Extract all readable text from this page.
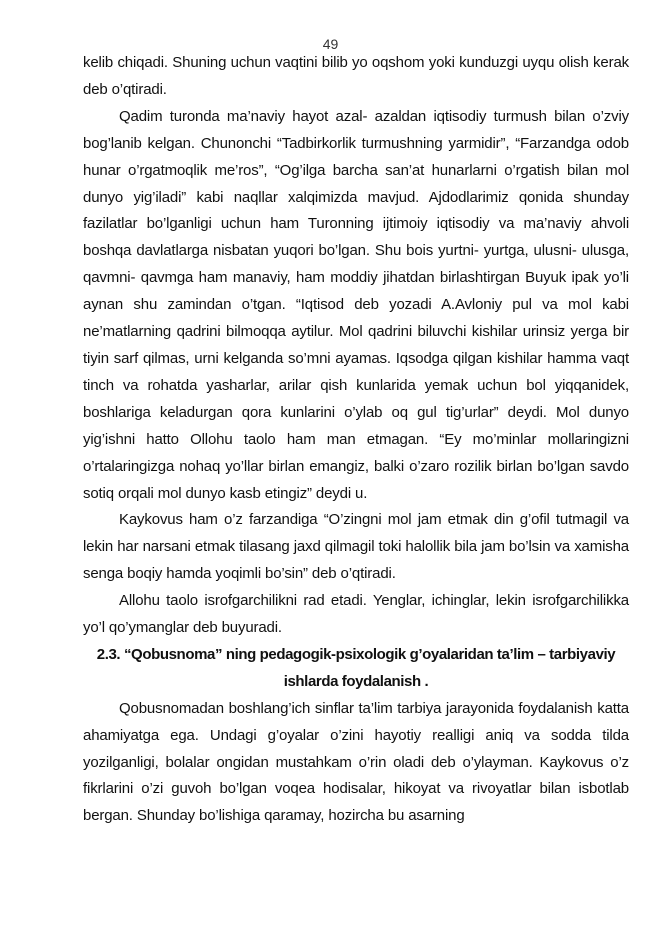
49

kelib chiqadi. Shuning uchun vaqtini bilib yo oqshom yoki kunduzgi uyqu olish kerak deb o’qtiradi.

Qadim turonda ma’naviy hayot azal- azaldan iqtisodiy turmush bilan o’zviy bog’lanib kelgan. Chunonchi “Tadbirkorlik turmushning yarmidir”, “Farzandga odob hunar o’rgatmoqlik me’ros”, “Og’ilga barcha san’at hunarlarni o’rgatish bilan mol dunyo yig’iladi” kabi naqllar xalqimizda mavjud. Ajdodlarimiz qonida shunday fazilatlar bo’lganligi uchun ham Turonning ijtimoiy iqtisodiy va ma’naviy ahvoli boshqa davlatlarga nisbatan yuqori bo’lgan. Shu bois yurtni- yurtga, ulusni- ulusga, qavmni- qavmga ham manaviy, ham moddiy jihatdan birlashtirgan Buyuk ipak yo’li aynan shu zamindan o’tgan. “Iqtisod deb yozadi A.Avloniy pul va mol kabi ne’matlarning qadrini bilmoqqa aytilur. Mol qadrini biluvchi kishilar urinsiz yerga bir tiyin sarf qilmas, urni kelganda so’mni ayamas. Iqsodga qilgan kishilar hamma vaqt tinch va rohatda yasharlar, arilar qish kunlarida yemak uchun bol yiqqanidek, boshlariga keladurgan qora kunlarini o’ylab oq gul tig’urlar” deydi. Mol dunyo yig’ishni hatto Ollohu taolo ham man etmagan. “Ey mo’minlar mollaringizni o’rtalaringizga nohaq yo’llar birlan emangiz, balki o’zaro rozilik birlan bo’lgan savdo sotiq orqali mol dunyo kasb etingiz” deydi u.

Kaykovus ham o’z farzandiga “O’zingni mol jam etmak din g’ofil tutmagil va lekin har narsani etmak tilasang jaxd qilmagil toki halollik bila jam bo’lsin va xamisha senga boqiy hamda yoqimli bo’sin” deb o’qtiradi.

Allohu taolo isrofgarchilikni rad etadi. Yenglar, ichinglar, lekin isrofgarchilikka yo’l qo’ymanglar deb buyuradi.

2.3. “Qobusnoma” ning pedagogik-psixologik g’oyalaridan ta’lim – tarbiyaviy ishlarda foydalanish .

Qobusnomadan boshlang’ich sinflar ta’lim tarbiya jarayonida foydalanish katta ahamiyatga ega. Undagi g’oyalar o’zini hayotiy realligi aniq va sodda tilda yozilganligi, bolalar ongidan mustahkam o’rin oladi deb o’ylayman. Kaykovus o’z fikrlarini o’zi guvoh bo’lgan voqea hodisalar, hikoyat va rivoyatlar bilan isbotlab bergan. Shunday bo’lishiga qaramay, hozircha bu asarning
